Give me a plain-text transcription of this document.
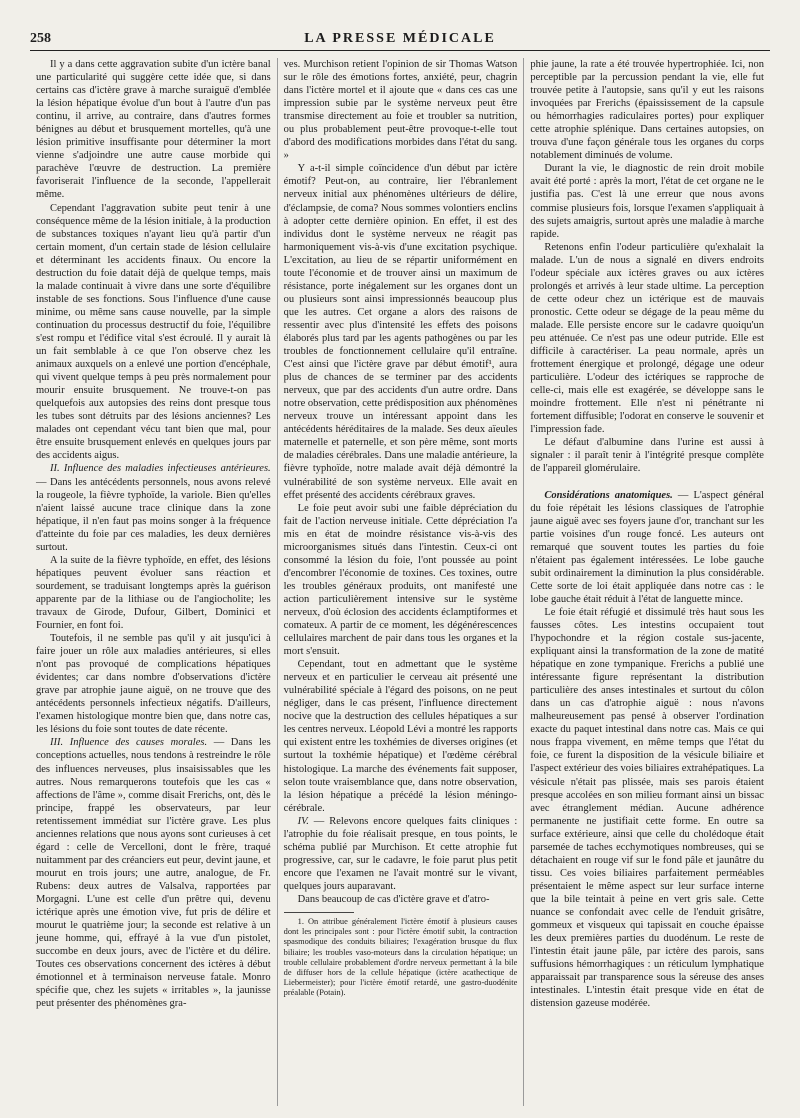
258	LA PRESSE MÉDICALE

Il y a dans cette aggravation subite d'un ictère banal une particularité qui suggère cette idée que, si dans certains cas d'ictère grave à marche suraiguë d'emblée la lésion hépatique évolue d'un bout à l'autre d'un pas continu, il arrive, au contraire, dans d'autres formes bénignes au début et brusquement mortelles, qu'à une lésion primitive insuffisante pour déterminer la mort vienne s'adjoindre une autre cause morbide qui parachève l'œuvre de destruction. La première favoriserait l'influence de la seconde, l'appellerait même.

Cependant l'aggravation subite peut tenir à une conséquence même de la lésion initiale, à la production de substances toxiques n'ayant lieu qu'à partir d'un certain moment, d'un certain stade de lésion cellulaire et déterminant les accidents finaux. Ou encore la destruction du foie datait déjà de quelque temps, mais la malade continuait à vivre dans une sorte d'équilibre instable de ses fonctions. Sous l'influence d'une cause minime, ou même sans cause nouvelle, par la simple continuation du processus destructif du foie, l'équilibre s'est rompu et l'édifice vital s'est écroulé. Il y aurait là un fait semblable à ce que l'on observe chez les animaux auxquels on a enlevé une portion d'encéphale, qui vivent quelque temps à peu près normalement pour mourir ensuite brusquement. Ne trouve-t-on pas quelquefois aux autopsies des reins dont presque tous les tubes sont détruits par des lésions anciennes? Les malades ont cependant vécu tant bien que mal, pour être ensuite brusquement enlevés en quelques jours par des accidents aigus.

II. Influence des maladies infectieuses antérieures. — Dans les antécédents personnels, nous avons relevé la rougeole, la fièvre typhoïde, la variole. Bien qu'elles n'aient laissé aucune trace clinique dans la zone hépatique, il n'en faut pas moins songer à la fréquence d'atteinte du foie par ces maladies, les deux dernières surtout.

A la suite de la fièvre typhoïde, en effet, des lésions hépatiques peuvent évoluer sans réaction et sourdement, se traduisant longtemps après la guérison apparente par de la lithiase ou de l'angiocholite; les travaux de Girode, Dufour, Gilbert, Dominici et Fournier, en font foi.

Toutefois, il ne semble pas qu'il y ait jusqu'ici à faire jouer un rôle aux maladies antérieures, si elles n'ont pas provoqué de complications hépatiques évidentes; car dans nombre d'observations d'ictère grave par atrophie jaune aiguë, on ne trouve que des antécédents personnels infectieux négatifs. D'ailleurs, l'examen histologique montre bien que, dans notre cas, les lésions du foie sont toutes de date récente.

III. Influence des causes morales. — Dans les conceptions actuelles, nous tendons à restreindre le rôle des influences nerveuses, plus insaisissables que les autres. Nous remarquerons toutefois que les cas « affections de l'âme », comme disait Frerichs, ont, dès le principe, frappé les observateurs, par leur retentissement immédiat sur l'ictère grave. Les plus anciennes relations que nous ayons sont curieuses à cet égard : celle de Vercelloni, dont le frère, traqué nuitamment par des créanciers eut peur, devint jaune, et mourut en trois jours; une autre, analogue, de Fr. Rubens: deux autres de Valsalva, rapportées par Morgagni. L'une est celle d'un prêtre qui, devenu ictérique après une émotion vive, fut pris de délire et mourut le quatrième jour; la seconde est relative à un jeune homme, qui, effrayé à la vue d'un pistolet, succombe en deux jours, avec de l'ictère et du délire. Toutes ces observations concernent des ictères à début émotionnel et à terminaison nerveuse fatale. Monro spécifie que, chez les sujets « irritables », la jaunisse peut présenter des phénomènes gra-

ves. Murchison retient l'opinion de sir Thomas Watson sur le rôle des émotions fortes, anxiété, peur, chagrin dans l'ictère mortel et il ajoute que « dans ces cas une impression subie par le système nerveux peut être transmise directement au foie et troubler sa nutrition, ou plus probablement peut-être provoque-t-elle tout d'abord des modifications morbides dans l'état du sang. »

Y a-t-il simple coïncidence d'un début par ictère émotif? Peut-on, au contraire, lier l'ébranlement nerveux initial aux phénomènes ultérieurs de délire, d'éclampsie, de coma? Nous sommes volontiers enclins à adopter cette dernière opinion. En effet, il est des individus dont le système nerveux ne réagit pas harmoniquement vis-à-vis d'une excitation psychique. L'excitation, au lieu de se répartir uniformément en toute l'économie et de trouver ainsi un maximum de résistance, porte inégalement sur les organes dont un ou plusieurs sont ainsi impressionnés beaucoup plus que les autres. Cet organe a alors des raisons de ressentir avec plus d'intensité les effets des poisons élaborés plus tard par les agents pathogènes ou par les troubles de fonctionnement cellulaire qu'il entraîne. C'est ainsi que l'ictère grave par début émotif¹, aura plus de chances de se terminer par des accidents nerveux, que par des accidents d'un autre ordre. Dans notre observation, cette prédisposition aux phénomènes nerveux trouve un intéressant appoint dans les antécédents héréditaires de la malade. Ses deux aïeules maternelle et paternelle, et son père même, sont morts de maladies cérébrales. Dans une maladie antérieure, la fièvre typhoïde, notre malade avait déjà démontré la vulnérabilité de son système nerveux. Elle avait en effet présenté des accidents cérébraux graves.

Le foie peut avoir subi une faible dépréciation du fait de l'action nerveuse initiale. Cette dépréciation l'a mis en état de moindre résistance vis-à-vis des microorganismes situés dans l'intestin. Ceux-ci ont consommé la lésion du foie, l'ont poussée au point d'encombrer l'économie de toxines. Ces toxines, outre les troubles généraux produits, ont manifesté une action particulièrement intensive sur le système nerveux, d'où éclosion des accidents éclamptiformes et comateux. A partir de ce moment, les dégénérescences cellulaires marchent de pair dans tous les organes et la mort s'ensuit.

Cependant, tout en admettant que le système nerveux et en particulier le cerveau ait présenté une vulnérabilité spéciale à l'égard des poisons, on ne peut négliger, dans le cas présent, l'influence directement nocive que la destruction des cellules hépatiques a sur les centres nerveux. Léopold Lévi a montré les rapports qui existent entre les toxhémies de diverses origines (et surtout la toxhémie hépatique) et l'œdème cérébral histologique. La marche des événements fait supposer, selon toute vraisemblance que, dans notre observation, la lésion hépatique a précédé la lésion méningo-cérébrale.

IV. — Relevons encore quelques faits cliniques : l'atrophie du foie réalisait presque, en tous points, le schéma publié par Murchison. Et cette atrophie fut progressive, car, sur le cadavre, le foie parut plus petit encore que l'examen ne l'avait montré sur le vivant, quelques jours auparavant.

Dans beaucoup de cas d'ictère grave et d'atro-

1. On attribue généralement l'ictère émotif à plusieurs causes dont les principales sont : pour l'ictère émotif subit, la contraction spasmodique des conduits biliaires; l'exagération brusque du flux biliaire; les troubles vaso-moteurs dans la circulation hépatique; un trouble cellulaire probablement d'ordre nerveux permettant à la bile de diffuser hors de la cellule hépatique (ictère acathectique de Liebermeister); pour l'ictère émotif retardé, une gastro-duodénite préalable (Potain).

phie jaune, la rate a été trouvée hypertrophiée. Ici, non perceptible par la percussion pendant la vie, elle fut trouvée petite à l'autopsie, sans qu'il y eut les raisons invoquées par Frerichs (épaississement de la capsule ou hémorrhagies radiculaires portes) pour expliquer cette atrophie splénique. Dans certaines autopsies, on trouva d'une façon générale tous les organes du corps notablement diminués de volume.

Durant la vie, le diagnostic de rein droit mobile avait été porté : après la mort, l'état de cet organe ne le justifia pas. C'est là une erreur que nous avons commise plusieurs fois, lorsque l'examen s'appliquait à des sujets amaigris, surtout après une maladie à marche rapide.

Retenons enfin l'odeur particulière qu'exhalait la malade. L'un de nous a signalé en divers endroits l'odeur spéciale aux ictères graves ou aux ictères prolongés et arrivés à leur stade ultime. La perception de cette odeur chez un ictérique est de mauvais pronostic. Cette odeur se dégage de la peau même du malade. Elle persiste encore sur le cadavre quoiqu'un peu atténuée. Ce n'est pas une odeur putride. Elle est difficile à caractériser. La peau normale, après un frottement énergique et prolongé, dégage une odeur particulière. L'odeur des ictériques se rapproche de celle-ci, mais elle est exagérée, se développe sans le moindre frottement. Elle n'est ni pénétrante ni fortement diffusible; l'odorat en conserve le souvenir et l'impression fade.

Le défaut d'albumine dans l'urine est aussi à signaler : il paraît tenir à l'intégrité presque complète de l'appareil glomérulaire.

Considérations anatomiques. — L'aspect général du foie répétait les lésions classiques de l'atrophie jaune aiguë avec ses foyers jaune d'or, tranchant sur les partie voisines d'un rouge foncé. Les auteurs ont remarqué que souvent toutes les parties du foie n'étaient pas également intéressées. Le lobe gauche subit ordinairement la diminution la plus considérable. Cette sorte de loi était appliquée dans notre cas : le lobe gauche était réduit à l'état de languette mince.

Le foie était réfugié et dissimulé très haut sous les fausses côtes. Les intestins occupaient tout l'hypochondre et la région costale sus-jacente, expliquant ainsi la transformation de la zone de matité hépatique en zone tympanique. Frerichs a publié une intéressante figure représentant la distribution particulière des anses intestinales et surtout du côlon dans un cas d'atrophie aiguë : nous n'avons malheureusement pas pensé à observer l'ordination exacte du paquet intestinal dans notre cas. Mais ce qui nous frappa vivement, en même temps que l'état du foie, ce furent la disposition de la vésicule biliaire et l'aspect extérieur des voies biliaires extrahépatiques. La vésicule n'était pas plissée, mais ses parois étaient presque accolées en son milieu formant ainsi un bissac avec étranglement médian. Aucune adhérence permanente ne justifiait cette forme. En outre sa surface extérieure, ainsi que celle du cholédoque était parsemée de taches ecchymotiques nombreuses, qui se détachaient en rouge vif sur le fond pâle et jaunâtre du tissu. Ces voies biliaires parfaitement perméables présentaient le même aspect sur leur surface interne que la bile teintait à peine en vert gris sale. Cette nuance se confondait avec celle de l'enduit grisâtre, gommeux et visqueux qui tapissait en couche épaisse les deux premières parties du duodénum. Le reste de l'intestin était jaune pâle, par ictère des parois, sans suffusions hémorrhagiques : un réticulum lymphatique apparaissait par transparence sous la séreuse des anses intestinales. L'intestin était presque vide en état de distension gazeuse modérée.
